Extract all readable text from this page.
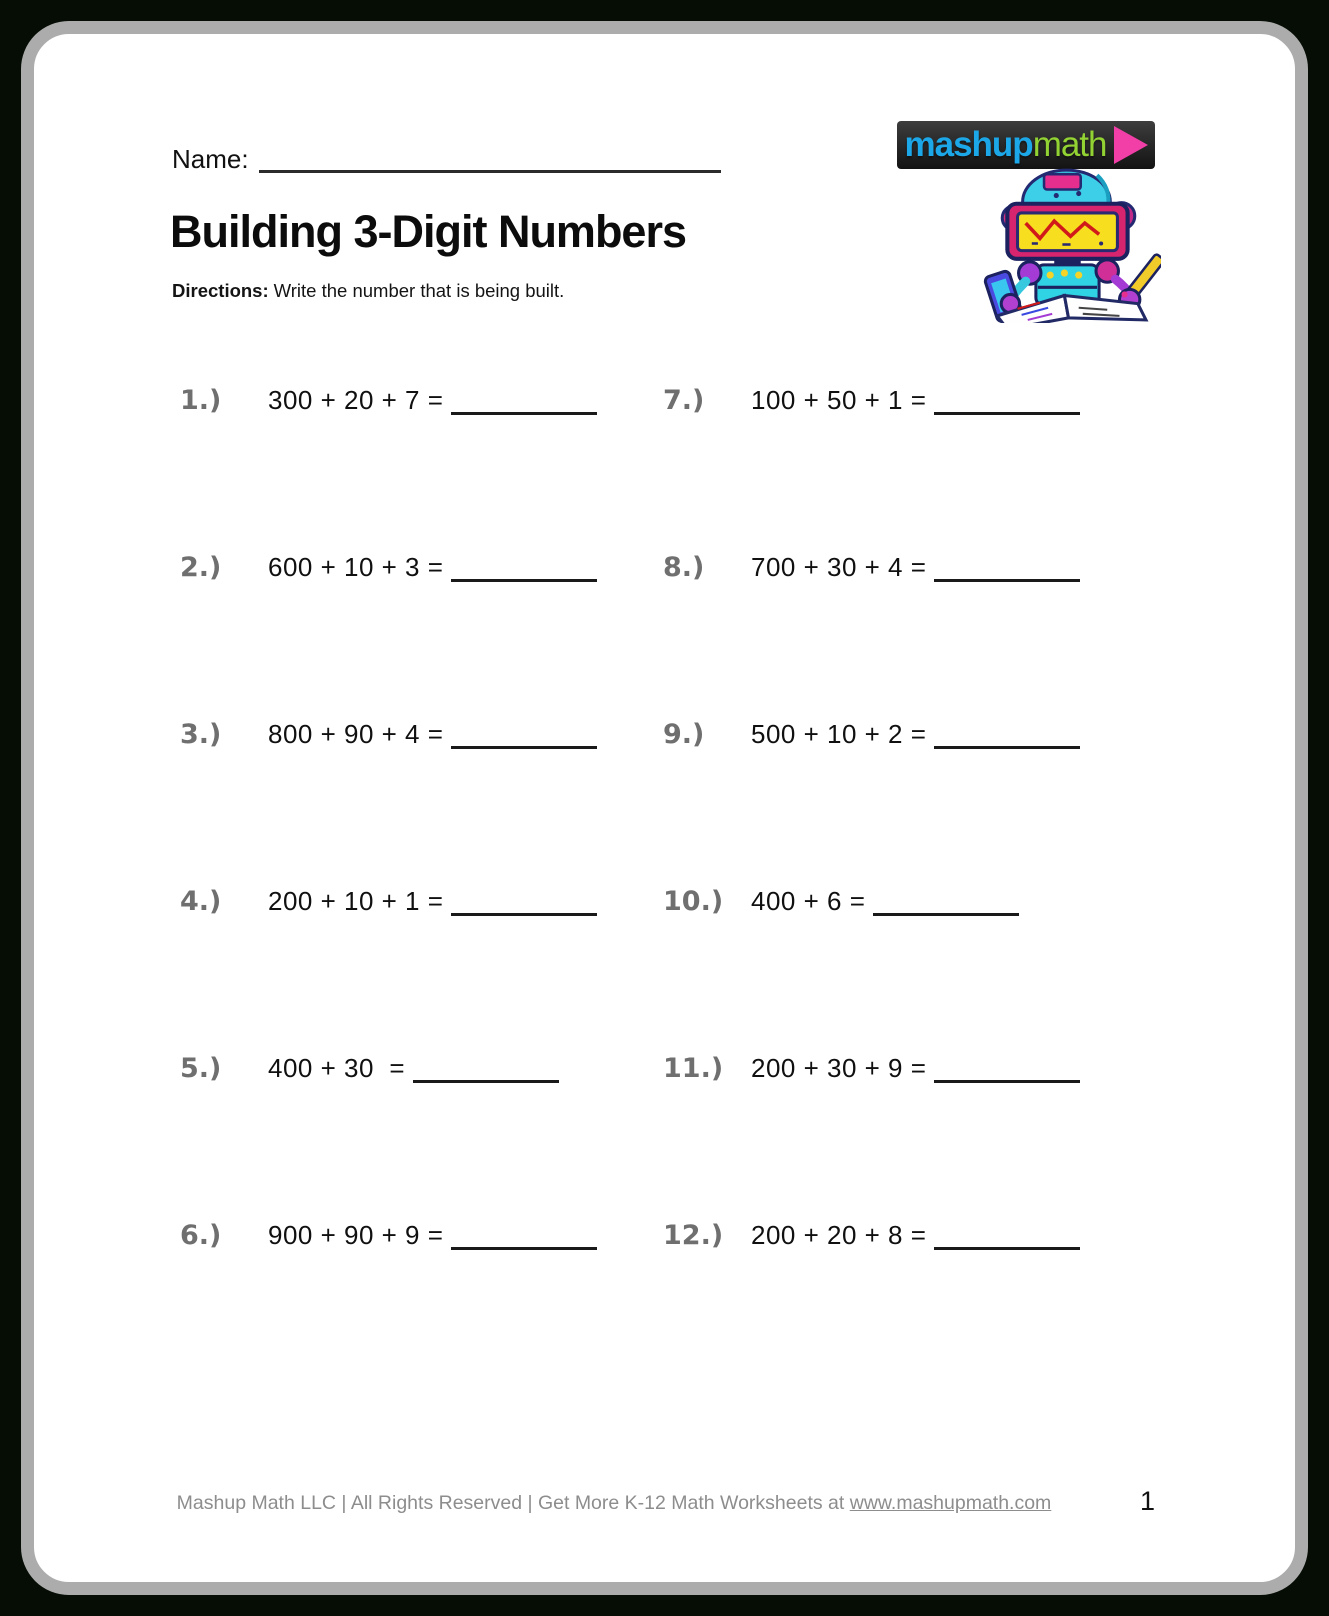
Name:	mashup math
Building 3-Digit Numbers

Directions: Write the number that is being built.

1.)	300 + 20 + 7 =	7.)	100 + 50 + 1 =
2.)	600 + 10 + 3 =	8.)	700 + 30 + 4 =
3.)	800 + 90 + 4 =	9.)	500 + 10 + 2 =
4.)	200 + 10 + 1 =	10.)	400 + 6 =
5.)	400 + 30  =	11.)	200 + 30 + 9 =
6.)	900 + 90 + 9 =	12.)	200 + 20 + 8 =
Mashup Math LLC | All Rights Reserved | Get More K-12 Math Worksheets at www.mashupmath.com	1
